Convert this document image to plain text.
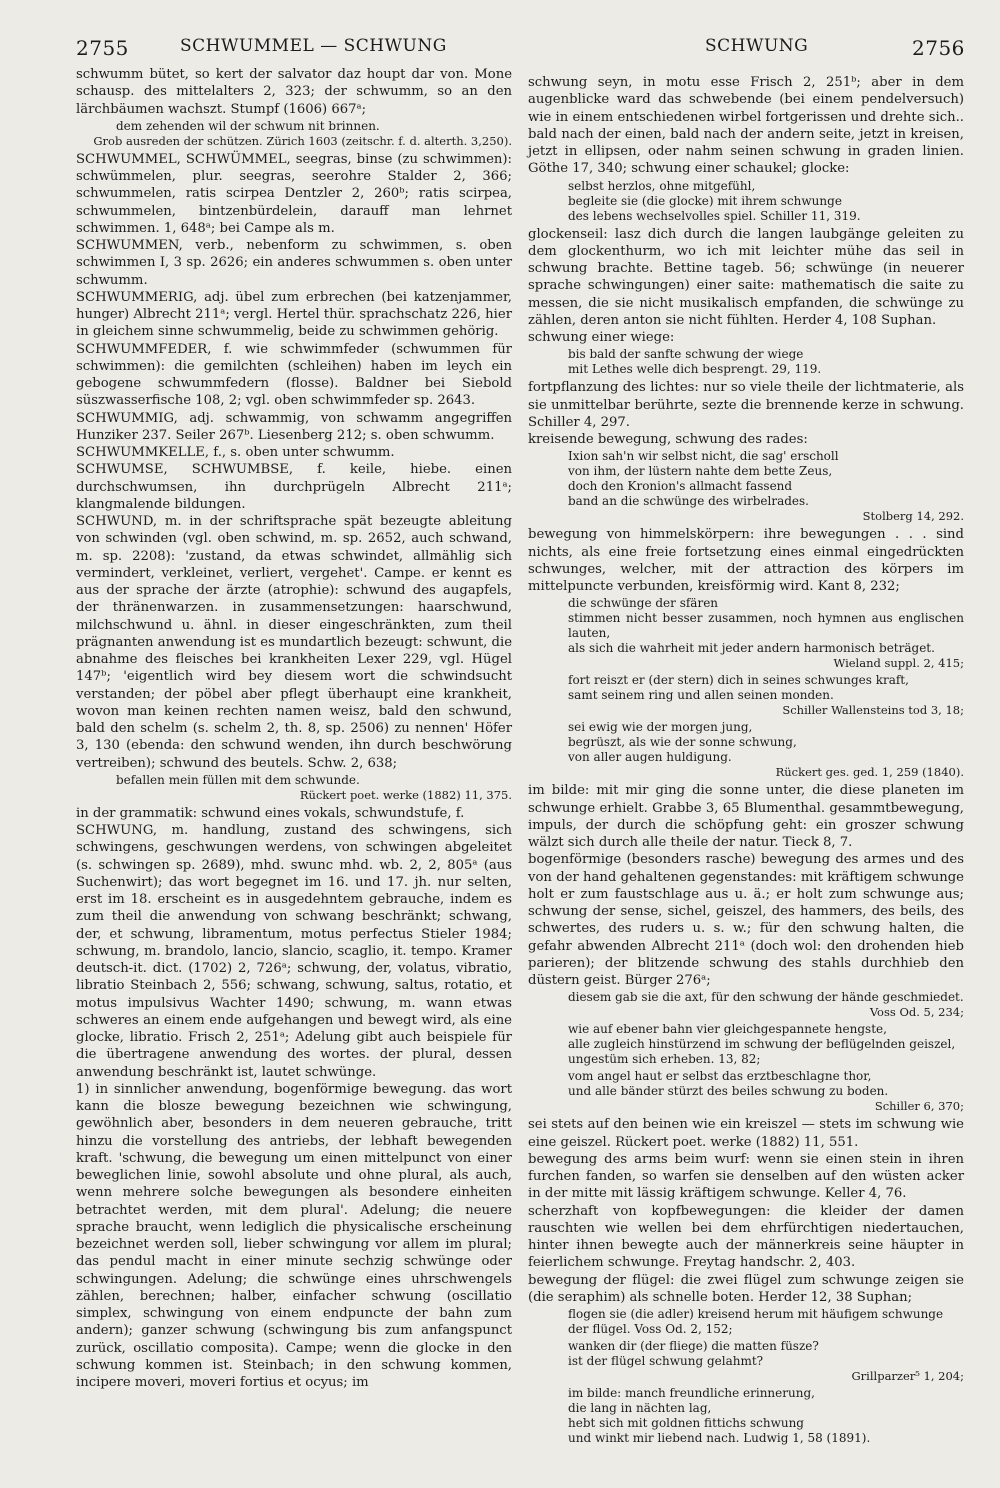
2755	SCHWUMMEL — SCHWUNG	SCHWUNG	2756

schwumm bütet, so kert der salvator daz houpt dar von. Mone schausp. des mittelalters 2, 323; der schwumm, so an den lärchbäumen wachszt. Stumpf (1606) 667ᵃ;

dem zehenden wil der schwum nit brinnen.
Grob ausreden der schützen. Zürich 1603 (zeitschr. f. d. alterth. 3,250).

SCHWUMMEL, SCHWÜMMEL, seegras, binse (zu schwimmen): schwümmelen, plur. seegras, seerohre Stalder 2, 366; schwummelen, ratis scirpea Dentzler 2, 260ᵇ; ratis scirpea, schwummelen, bintzenbürdelein, darauff man lehrnet schwimmen. 1, 648ᵃ; bei Campe als m.

SCHWUMMEN, verb., nebenform zu schwimmen, s. oben schwimmen I, 3 sp. 2626; ein anderes schwummen s. oben unter schwumm.

SCHWUMMERIG, adj. übel zum erbrechen (bei katzenjammer, hunger) Albrecht 211ᵃ; vergl. Hertel thür. sprachschatz 226, hier in gleichem sinne schwummelig, beide zu schwimmen gehörig.

SCHWUMMFEDER, f. wie schwimmfeder (schwummen für schwimmen): die gemilchten (schleihen) haben im leych ein gebogene schwummfedern (flosse). Baldner bei Siebold süszwasserfische 108, 2; vgl. oben schwimmfeder sp. 2643.

SCHWUMMIG, adj. schwammig, von schwamm angegriffen Hunziker 237. Seiler 267ᵇ. Liesenberg 212; s. oben schwumm.

SCHWUMMKELLE, f., s. oben unter schwumm.

SCHWUMSE, SCHWUMBSE, f. keile, hiebe. einen durchschwumsen, ihn durchprügeln Albrecht 211ᵃ; klangmalende bildungen.

SCHWUND, m. in der schriftsprache spät bezeugte ableitung von schwinden (vgl. oben schwind, m. sp. 2652, auch schwand, m. sp. 2208): 'zustand, da etwas schwindet, allmählig sich vermindert, verkleinet, verliert, vergehet'. Campe. er kennt es aus der sprache der ärzte (atrophie): schwund des augapfels, der thränenwarzen. in zusammensetzungen: haarschwund, milchschwund u. ähnl. in dieser eingeschränkten, zum theil prägnanten anwendung ist es mundartlich bezeugt: schwunt, die abnahme des fleisches bei krankheiten Lexer 229, vgl. Hügel 147ᵇ; 'eigentlich wird bey diesem wort die schwindsucht verstanden; der pöbel aber pflegt überhaupt eine krankheit, wovon man keinen rechten namen weisz, bald den schwund, bald den schelm (s. schelm 2, th. 8, sp. 2506) zu nennen' Höfer 3, 130 (ebenda: den schwund wenden, ihn durch beschwörung vertreiben); schwund des beutels. Schw. 2, 638;

befallen mein füllen mit dem schwunde.
Rückert poet. werke (1882) 11, 375.

in der grammatik: schwund eines vokals, schwundstufe, f.

SCHWUNG, m. handlung, zustand des schwingens, sich schwingens, geschwungen werdens, von schwingen abgeleitet (s. schwingen sp. 2689), mhd. swunc mhd. wb. 2, 2, 805ᵃ (aus Suchenwirt); das wort begegnet im 16. und 17. jh. nur selten, erst im 18. erscheint es in ausgedehntem gebrauche, indem es zum theil die anwendung von schwang beschränkt; schwang, der, et schwung, libramentum, motus perfectus Stieler 1984; schwung, m. brandolo, lancio, slancio, scaglio, it. tempo. Kramer deutsch-it. dict. (1702) 2, 726ᵃ; schwung, der, volatus, vibratio, libratio Steinbach 2, 556; schwang, schwung, saltus, rotatio, et motus impulsivus Wachter 1490; schwung, m. wann etwas schweres an einem ende aufgehangen und bewegt wird, als eine glocke, libratio. Frisch 2, 251ᵃ; Adelung gibt auch beispiele für die übertragene anwendung des wortes. der plural, dessen anwendung beschränkt ist, lautet schwünge.

1) in sinnlicher anwendung, bogenförmige bewegung. das wort kann die blosze bewegung bezeichnen wie schwingung, gewöhnlich aber, besonders in dem neueren gebrauche, tritt hinzu die vorstellung des antriebs, der lebhaft bewegenden kraft. 'schwung, die bewegung um einen mittelpunct von einer beweglichen linie, sowohl absolute und ohne plural, als auch, wenn mehrere solche bewegungen als besondere einheiten betrachtet werden, mit dem plural'. Adelung; die neuere sprache braucht, wenn lediglich die physicalische erscheinung bezeichnet werden soll, lieber schwingung vor allem im plural; das pendul macht in einer minute sechzig schwünge oder schwingungen. Adelung; die schwünge eines uhrschwengels zählen, berechnen; halber, einfacher schwung (oscillatio simplex, schwingung von einem endpuncte der bahn zum andern); ganzer schwung (schwingung bis zum anfangspunct zurück, oscillatio composita). Campe; wenn die glocke in den schwung kommen ist. Steinbach; in den schwung kommen, incipere moveri, moveri fortius et ocyus; im

schwung seyn, in motu esse Frisch 2, 251ᵇ; aber in dem augenblicke ward das schwebende (bei einem pendelversuch) wie in einem entschiedenen wirbel fortgerissen und drehte sich.. bald nach der einen, bald nach der andern seite, jetzt in kreisen, jetzt in ellipsen, oder nahm seinen schwung in graden linien. Göthe 17, 340; schwung einer schaukel; glocke:

selbst herzlos, ohne mitgefühl,
begleite sie (die glocke) mit ihrem schwunge
des lebens wechselvolles spiel. Schiller 11, 319.

glockenseil: lasz dich durch die langen laubgänge geleiten zu dem glockenthurm, wo ich mit leichter mühe das seil in schwung brachte. Bettine tageb. 56; schwünge (in neuerer sprache schwingungen) einer saite: mathematisch die saite zu messen, die sie nicht musikalisch empfanden, die schwünge zu zählen, deren anton sie nicht fühlten. Herder 4, 108 Suphan.

schwung einer wiege:

bis bald der sanfte schwung der wiege
mit Lethes welle dich besprengt. 29, 119.

fortpflanzung des lichtes: nur so viele theile der lichtmaterie, als sie unmittelbar berührte, sezte die brennende kerze in schwung. Schiller 4, 297.

kreisende bewegung, schwung des rades:

Ixion sah'n wir selbst nicht, die sag' erscholl
von ihm, der lüstern nahte dem bette Zeus,
doch den Kronion's allmacht fassend
band an die schwünge des wirbelrades.
Stolberg 14, 292.

bewegung von himmelskörpern: ihre bewegungen . . . sind nichts, als eine freie fortsetzung eines einmal eingedrückten schwunges, welcher, mit der attraction des körpers im mittelpuncte verbunden, kreisförmig wird. Kant 8, 232;

die schwünge der sfären
stimmen nicht besser zusammen, noch hymnen aus englischen lauten,
als sich die wahrheit mit jeder andern harmonisch beträget.
Wieland suppl. 2, 415;
fort reiszt er (der stern) dich in seines schwunges kraft,
samt seinem ring und allen seinen monden.
Schiller Wallensteins tod 3, 18;
sei ewig wie der morgen jung,
begrüszt, als wie der sonne schwung,
von aller augen huldigung.
Rückert ges. ged. 1, 259 (1840).

im bilde: mit mir ging die sonne unter, die diese planeten im schwunge erhielt. Grabbe 3, 65 Blumenthal. gesammtbewegung, impuls, der durch die schöpfung geht: ein groszer schwung wälzt sich durch alle theile der natur. Tieck 8, 7.

bogenförmige (besonders rasche) bewegung des armes und des von der hand gehaltenen gegenstandes: mit kräftigem schwunge holt er zum faustschlage aus u. ä.; er holt zum schwunge aus; schwung der sense, sichel, geiszel, des hammers, des beils, des schwertes, des ruders u. s. w.; für den schwung halten, die gefahr abwenden Albrecht 211ᵃ (doch wol: den drohenden hieb parieren); der blitzende schwung des stahls durchhieb den düstern geist. Bürger 276ᵃ;

diesem gab sie die axt, für den schwung der hände geschmiedet.
Voss Od. 5, 234;
wie auf ebener bahn vier gleichgespannete hengste,
alle zugleich hinstürzend im schwung der beflügelnden geiszel,
ungestüm sich erheben. 13, 82;
vom angel haut er selbst das erztbeschlagne thor,
und alle bänder stürzt des beiles schwung zu boden.
Schiller 6, 370;

sei stets auf den beinen wie ein kreiszel — stets im schwung wie eine geiszel. Rückert poet. werke (1882) 11, 551.

bewegung des arms beim wurf: wenn sie einen stein in ihren furchen fanden, so warfen sie denselben auf den wüsten acker in der mitte mit lässig kräftigem schwunge. Keller 4, 76.

scherzhaft von kopfbewegungen: die kleider der damen rauschten wie wellen bei dem ehrfürchtigen niedertauchen, hinter ihnen bewegte auch der männerkreis seine häupter in feierlichem schwunge. Freytag handschr. 2, 403.

bewegung der flügel: die zwei flügel zum schwunge zeigen sie (die seraphim) als schnelle boten. Herder 12, 38 Suphan;

flogen sie (die adler) kreisend herum mit häufigem schwunge
der flügel. Voss Od. 2, 152;
wanken dir (der fliege) die matten füsze?
ist der flügel schwung gelahmt?
Grillparzer⁵ 1, 204;
im bilde: manch freundliche erinnerung,
die lang in nächten lag,
hebt sich mit goldnen fittichs schwung
und winkt mir liebend nach. Ludwig 1, 58 (1891).
